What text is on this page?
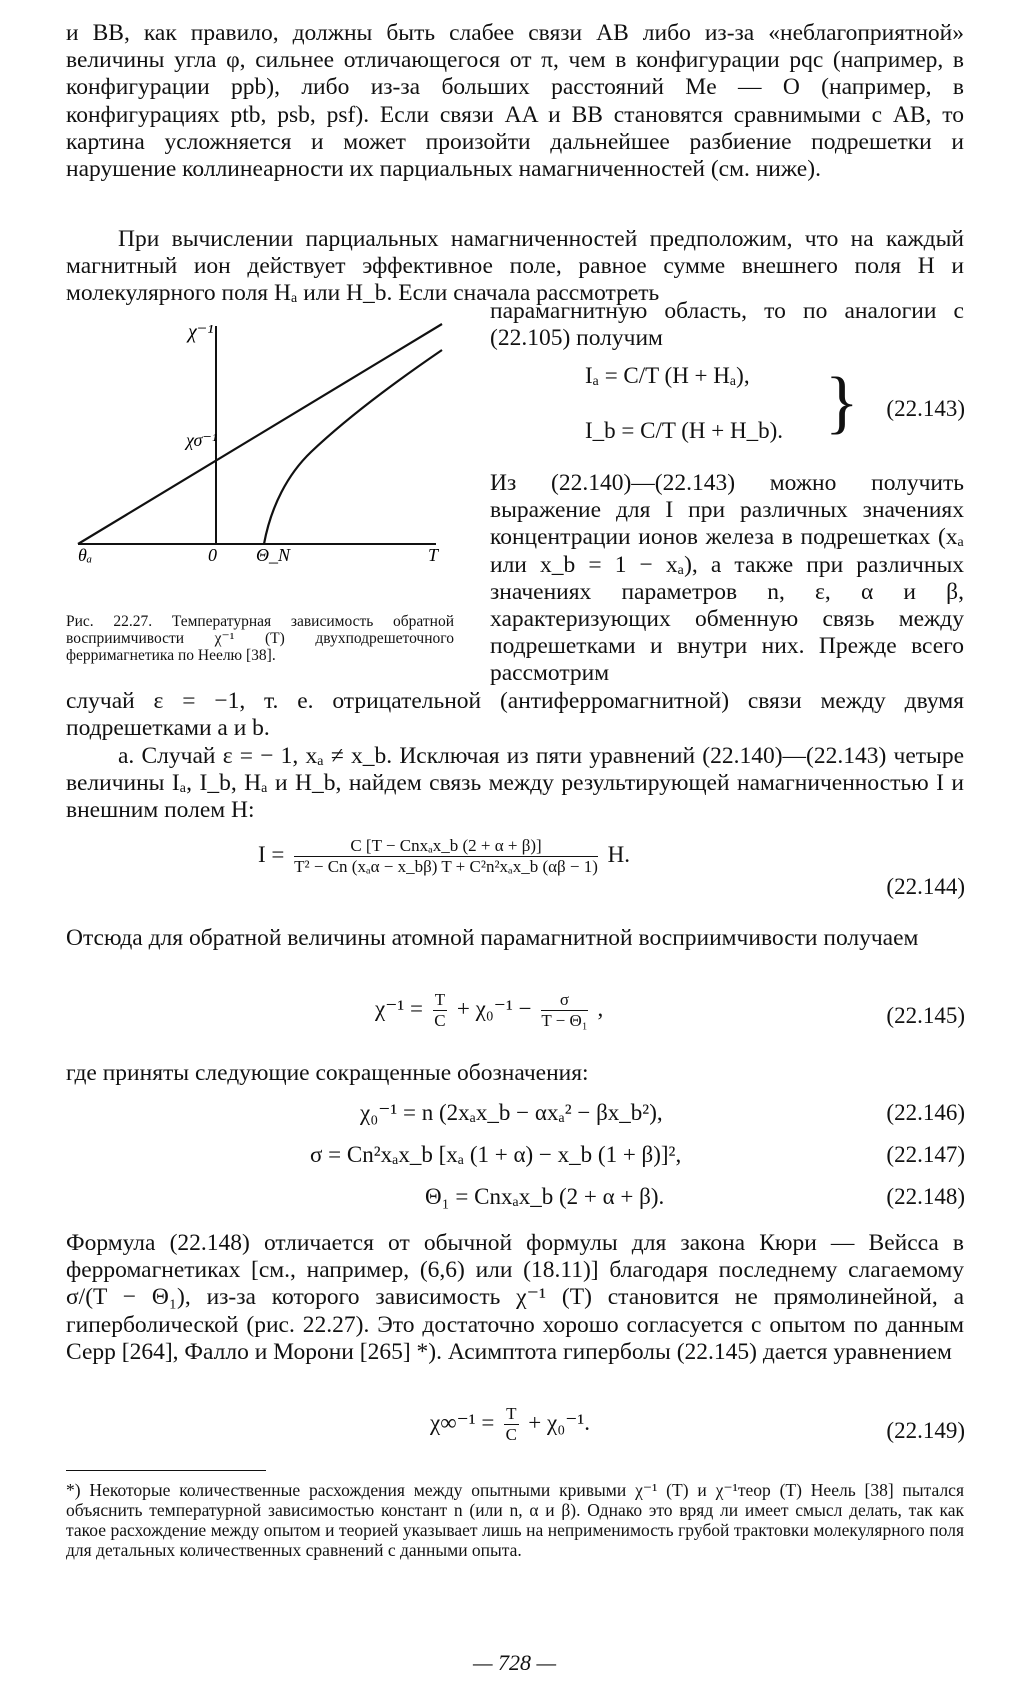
и BB, как правило, должны быть слабее связи AB либо из-за «неблагоприятной» величины угла φ, сильнее отличающегося от π, чем в конфигурации pqc (например, в конфигурации ppb), либо из-за больших расстояний Me — O (например, в конфигурациях ptb, psb, psf). Если связи AA и BB становятся сравнимыми с AB, то картина усложняется и может произойти дальнейшее разбиение подрешетки и нарушение коллинеарности их парциальных намагниченностей (см. ниже).

При вычислении парциальных намагниченностей предположим, что на каждый магнитный ион действует эффективное поле, равное сумме внешнего поля H и молекулярного поля Hₐ или H_b. Если сначала рассмотреть

парамагнитную область, то по аналогии с (22.105) получим

χ⁻¹
χσ⁻¹
θₐ	0 Θ_N	T
Рис. 22.27. Температурная зависимость обратной восприимчивости χ⁻¹ (T) двухподрешеточного ферримагнетика по Неелю [38].
Iₐ = C/T (H + Hₐ),
I_b = C/T (H + H_b). } (22.143)

Из (22.140)—(22.143) можно получить выражение для I при различных значениях концентрации ионов железа в подрешетках (xₐ или x_b = 1 − xₐ), а также при различных значениях параметров n, ε, α и β, характеризующих обменную связь между подрешетками и внутри них. Прежде всего рассмотрим

случай ε = −1, т. е. отрицательной (антиферромагнитной) связи между двумя подрешетками a и b.

a. Случай ε = − 1, xₐ ≠ x_b. Исключая из пяти уравнений (22.140)—(22.143) четыре величины Iₐ, I_b, Hₐ и H_b, найдем связь между результирующей намагниченностью I и внешним полем H:

$I = \frac{\text{C [T − Cnxₐx\_b (2 + α + β)]}}{\text{T² − Cn (xₐα − x\_bβ) T + C²n²xₐx\_b (αβ − 1)}} H$.
(22.144)

Отсюда для обратной величины атомной парамагнитной восприимчивости получаем

$\chi^{-1} = \frac{T}{C} + \chi_0^{-1} - \frac{\sigma}{\text{T − Θ₁}}$ ,	(22.145)

где приняты следующие сокращенные обозначения:

χ₀⁻¹ = n (2xₐx_b − αxₐ² − βx_b²),	(22.146)
σ = Cn²xₐx_b [xₐ (1 + α) − x_b (1 + β)]²,	(22.147)
Θ₁ = Cnxₐx_b (2 + α + β).	(22.148)

Формула (22.148) отличается от обычной формулы для закона Кюри — Вейсса в ферромагнетиках [см., например, (6,6) или (18.11)] благодаря последнему слагаемому σ/(T − Θ₁), из-за которого зависимость χ⁻¹ (T) становится не прямолинейной, а гиперболической (рис. 22.27). Это достаточно хорошо согласуется с опытом по данным Серр [264], Фалло и Морони [265] *). Асимптота гиперболы (22.145) дается уравнением

$\chi\infty^{-1} = \frac{T}{C} + \chi_0^{-1}$.	(22.149)
*) Некоторые количественные расхождения между опытными кривыми χ⁻¹ (T) и χ⁻¹теор (T) Неель [38] пытался объяснить температурной зависимостью констант n (или n, α и β). Однако это вряд ли имеет смысл делать, так как такое расхождение между опытом и теорией указывает лишь на неприменимость грубой трактовки молекулярного поля для детальных количественных сравнений с данными опыта.
— 728 —
